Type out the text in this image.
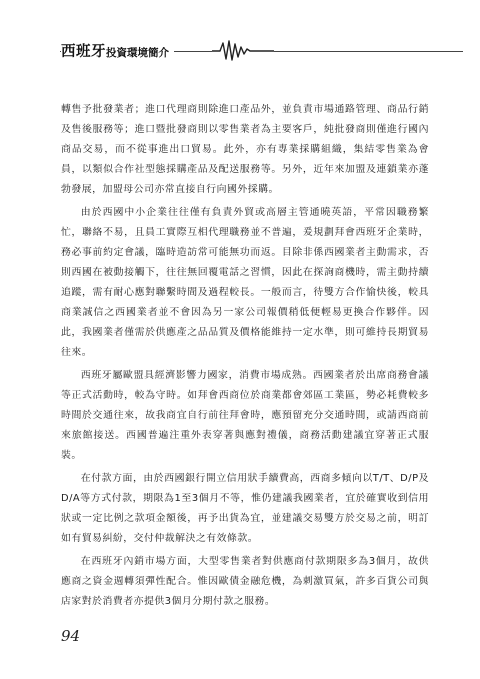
西班牙投資環境簡介

轉售予批發業者；進口代理商則除進口產品外，並負責市場通路管理、商品行銷及售後服務等；進口暨批發商則以零售業者為主要客戶，純批發商則僅進行國內商品交易，而不從事進出口貿易。此外，亦有專業採購組織，集結零售業為會員，以類似合作社型態採購產品及配送服務等。另外，近年來加盟及連鎖業亦蓬勃發展，加盟母公司亦常直接自行向國外採購。

由於西國中小企業往往僅有負責外貿或高層主管通曉英語，平常因職務繁忙，聯絡不易，且員工實際互相代理職務並不普遍，爰規劃拜會西班牙企業時，務必事前約定會議，臨時造訪常可能無功而返。目除非係西國業者主動需求，否則西國在被動接觸下，往往無回覆電話之習慣，因此在探詢商機時，需主動持續追蹤，需有耐心應對聯繫時間及過程較長。一般而言，待雙方合作愉快後，較具商業誠信之西國業者並不會因為另一家公司報價稍低便輕易更換合作夥伴。因此，我國業者僅需於供應產之品品質及價格能維持一定水準，則可維持長期貿易往來。

西班牙屬歐盟具經濟影響力國家，消費市場成熟。西國業者於出席商務會議等正式活動時，較為守時。如拜會西商位於商業都會郊區工業區，勢必耗費較多時間於交通往來，故我商宜自行前往拜會時，應預留充分交通時間，或請西商前來旅館接送。西國普遍注重外表穿著與應對禮儀，商務活動建議宜穿著正式服裝。

在付款方面，由於西國銀行開立信用狀手續費高，西商多傾向以T/T、D/P及D/A等方式付款，期限為1至3個月不等，惟仍建議我國業者，宜於確實收到信用狀或一定比例之款項金額後，再予出貨為宜，並建議交易雙方於交易之前，明訂如有貿易糾紛，交付仲裁解決之有效條款。

在西班牙內銷市場方面，大型零售業者對供應商付款期限多為3個月，故供應商之資金週轉須彈性配合。惟因歐債金融危機，為刺激買氣，許多百貨公司與店家對於消費者亦提供3個月分期付款之服務。

94
